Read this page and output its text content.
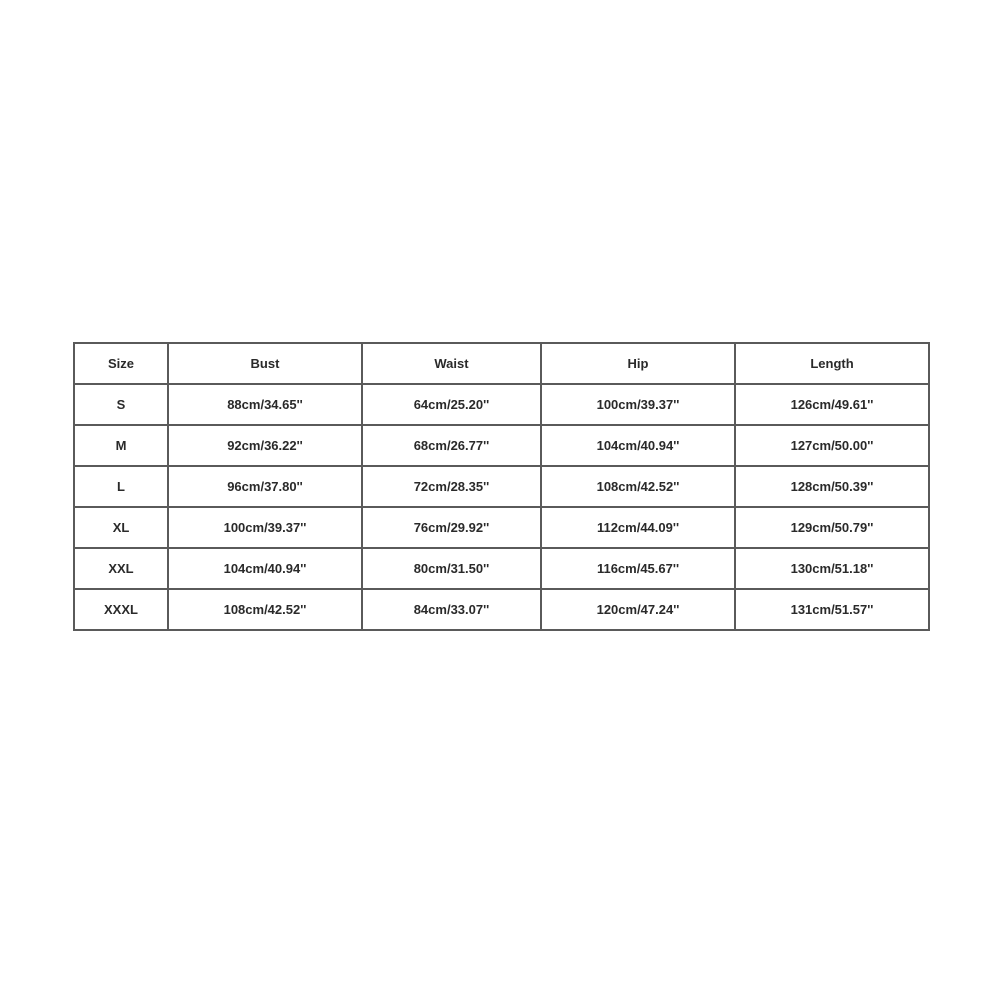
Size	Bust	Waist	Hip	Length
S	88cm/34.65''	64cm/25.20''	100cm/39.37''	126cm/49.61''
M	92cm/36.22''	68cm/26.77''	104cm/40.94''	127cm/50.00''
L	96cm/37.80''	72cm/28.35''	108cm/42.52''	128cm/50.39''
XL	100cm/39.37''	76cm/29.92''	112cm/44.09''	129cm/50.79''
XXL	104cm/40.94''	80cm/31.50''	116cm/45.67''	130cm/51.18''
XXXL	108cm/42.52''	84cm/33.07''	120cm/47.24''	131cm/51.57''
